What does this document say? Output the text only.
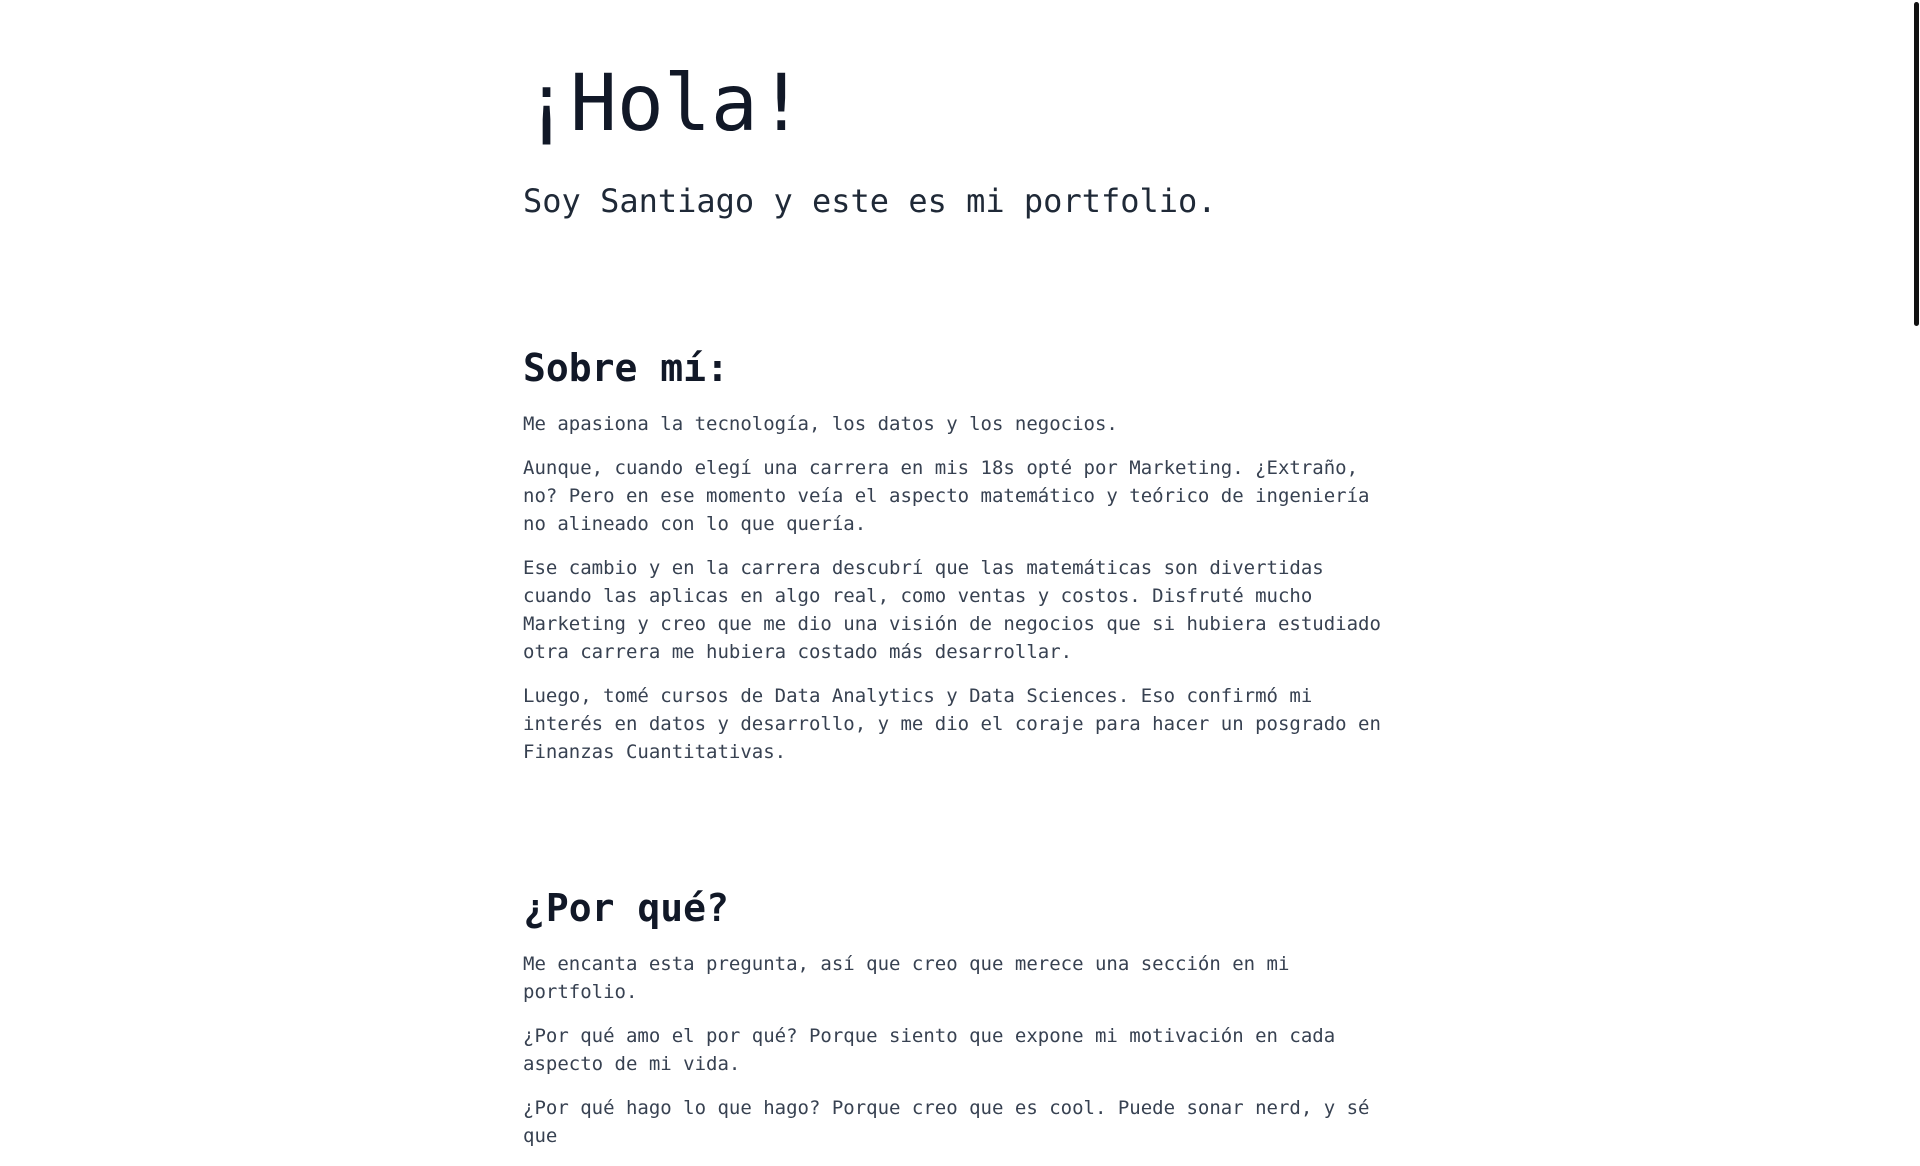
¡Hola!
Soy Santiago y este es mi portfolio.
Sobre mí:

Me apasiona la tecnología, los datos y los negocios.

Aunque, cuando elegí una carrera en mis 18s opté por Marketing. ¿Extraño, no? Pero en ese momento veía el aspecto matemático y teórico de ingeniería no alineado con lo que quería.

Ese cambio y en la carrera descubrí que las matemáticas son divertidas cuando las aplicas en algo real, como ventas y costos. Disfruté mucho Marketing y creo que me dio una visión de negocios que si hubiera estudiado otra carrera me hubiera costado más desarrollar.

Luego, tomé cursos de Data Analytics y Data Sciences. Eso confirmó mi interés en datos y desarrollo, y me dio el coraje para hacer un posgrado en Finanzas Cuantitativas.

¿Por qué?

Me encanta esta pregunta, así que creo que merece una sección en mi portfolio.

¿Por qué amo el por qué? Porque siento que expone mi motivación en cada aspecto de mi vida.

¿Por qué hago lo que hago? Porque creo que es cool. Puede sonar nerd, y sé que
